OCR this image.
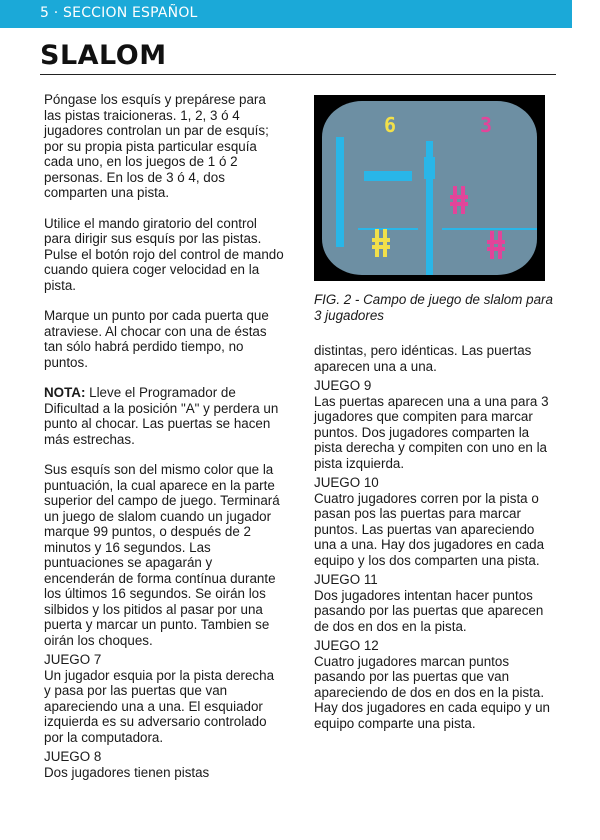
5 · SECCION ESPAÑOL
SLALOM

Póngase los esquís y prepárese para las pistas traicioneras. 1, 2, 3 ó 4 jugadores controlan un par de esquís; por su propia pista particular esquía cada uno, en los juegos de 1 ó 2 personas. En los de 3 ó 4, dos comparten una pista.

Utilice el mando giratorio del control para dirigir sus esquís por las pistas. Pulse el botón rojo del control de mando cuando quiera coger velocidad en la pista.

Marque un punto por cada puerta que atraviese. Al chocar con una de éstas tan sólo habrá perdido tiempo, no puntos.

NOTA: Lleve el Programador de Dificultad a la posición "A" y perdera un punto al chocar. Las puertas se hacen más estrechas.

Sus esquís son del mismo color que la puntuación, la cual aparece en la parte superior del campo de juego. Terminará un juego de slalom cuando un jugador marque 99 puntos, o después de 2 minutos y 16 segundos. Las puntuaciones se apagarán y encenderán de forma contínua durante los últimos 16 segundos. Se oirán los silbidos y los pitidos al pasar por una puerta y marcar un punto. Tambien se oirán los choques.

JUEGO 7

Un jugador esquia por la pista derecha y pasa por las puertas que van apareciendo una a una. El esquiador izquierda es su adversario controlado por la computadora.

JUEGO 8

Dos jugadores tienen pistas

6	3
FIG. 2 - Campo de juego de slalom para 3 jugadores

distintas, pero idénticas. Las puertas aparecen una a una.

JUEGO 9

Las puertas aparecen una a una para 3 jugadores que compiten para marcar puntos. Dos jugadores comparten la pista derecha y compiten con uno en la pista izquierda.

JUEGO 10

Cuatro jugadores corren por la pista o pasan pos las puertas para marcar puntos. Las puertas van apareciendo una a una. Hay dos jugadores en cada equipo y los dos comparten una pista.

JUEGO 11

Dos jugadores intentan hacer puntos pasando por las puertas que aparecen de dos en dos en la pista.

JUEGO 12

Cuatro jugadores marcan puntos pasando por las puertas que van apareciendo de dos en dos en la pista. Hay dos jugadores en cada equipo y un equipo comparte una pista.
